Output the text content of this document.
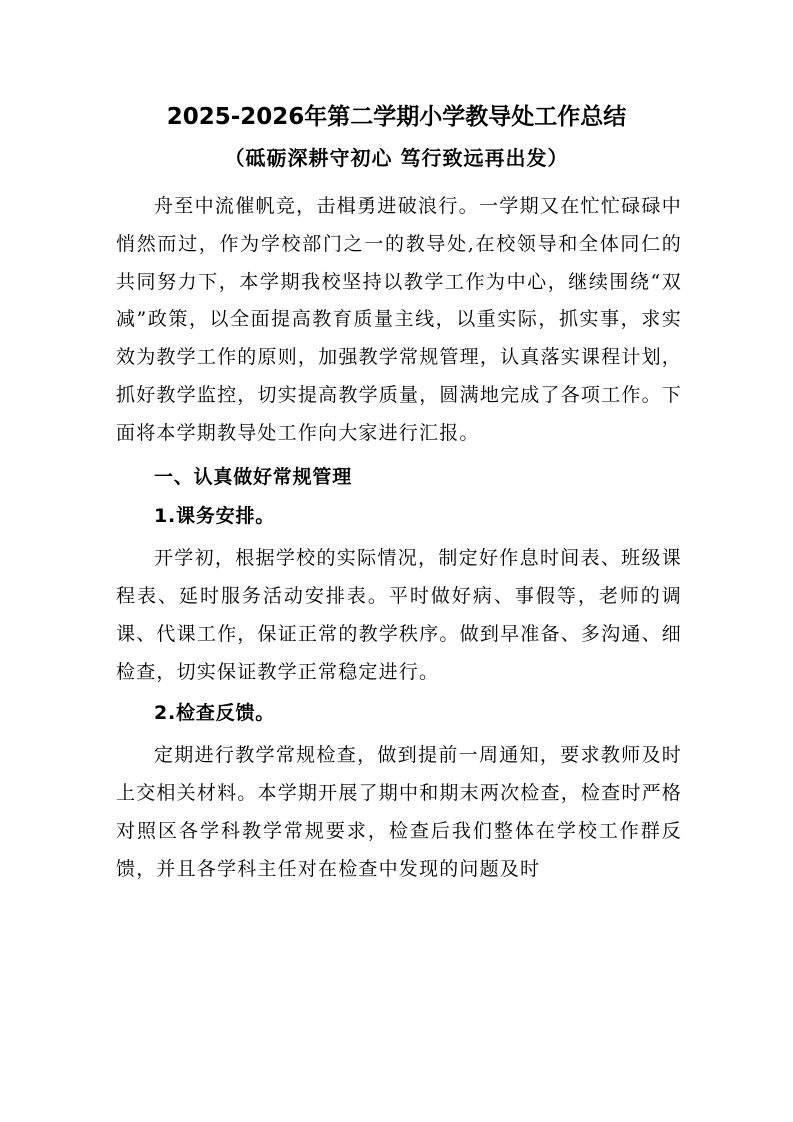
2025-2026年第二学期小学教导处工作总结
（砥砺深耕守初心 笃行致远再出发）

舟至中流催帆竞，击楫勇进破浪行。一学期又在忙忙碌碌中悄然而过，作为学校部门之一的教导处,在校领导和全体同仁的共同努力下，本学期我校坚持以教学工作为中心，继续围绕“双减”政策，以全面提高教育质量主线，以重实际，抓实事，求实效为教学工作的原则，加强教学常规管理，认真落实课程计划，抓好教学监控，切实提高教学质量，圆满地完成了各项工作。下面将本学期教导处工作向大家进行汇报。

一、认真做好常规管理

1.课务安排。

开学初，根据学校的实际情况，制定好作息时间表、班级课程表、延时服务活动安排表。平时做好病、事假等，老师的调课、代课工作，保证正常的教学秩序。做到早准备、多沟通、细检查，切实保证教学正常稳定进行。

2.检查反馈。

定期进行教学常规检查，做到提前一周通知，要求教师及时上交相关材料。本学期开展了期中和期末两次检查，检查时严格对照区各学科教学常规要求，检查后我们整体在学校工作群反馈，并且各学科主任对在检查中发现的问题及时
